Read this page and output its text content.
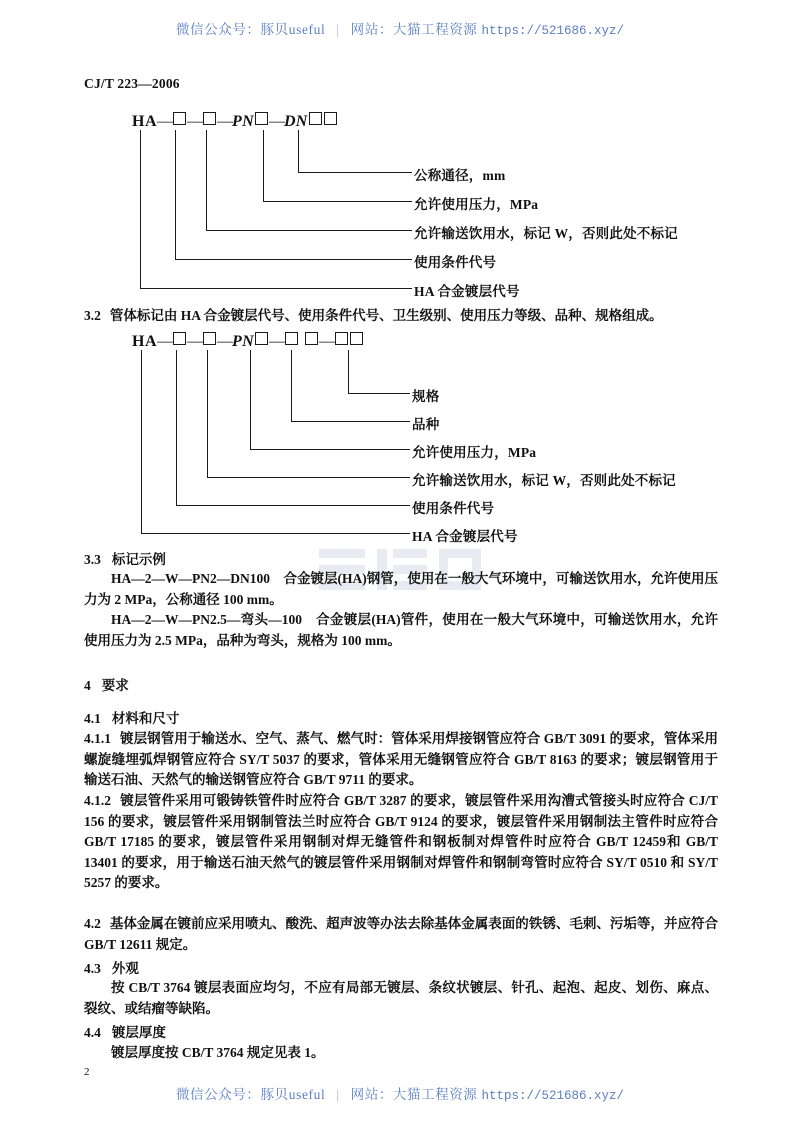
微信公众号：豚贝useful | 网站：大猫工程资源 https://521686.xyz/
CJ/T 223—2006
HA— — —PN —DN
HA 合金镀层代号
使用条件代号
允许输送饮用水，标记 W，否则此处不标记
允许使用压力，MPa
公称通径，mm
3.2 管体标记由 HA 合金镀层代号、使用条件代号、卫生级别、使用压力等级、品种、规格组成。
HA— — —PN — —
HA 合金镀层代号
使用条件代号
允许输送饮用水，标记 W，否则此处不标记
允许使用压力，MPa
品种
规格
3.3 标记示例
HA—2—W—PN2—DN100　合金镀层(HA)钢管，使用在一般大气环境中，可输送饮用水，允许使用压力为 2 MPa，公称通径 100 mm。
HA—2—W—PN2.5—弯头—100　合金镀层(HA)管件，使用在一般大气环境中，可输送饮用水，允许使用压力为 2.5 MPa，品种为弯头，规格为 100 mm。
4 要求
4.1 材料和尺寸
4.1.1 镀层钢管用于输送水、空气、蒸气、燃气时：管体采用焊接钢管应符合 GB/T 3091 的要求，管体采用螺旋缝埋弧焊钢管应符合 SY/T 5037 的要求，管体采用无缝钢管应符合 GB/T 8163 的要求；镀层钢管用于输送石油、天然气的输送钢管应符合 GB/T 9711 的要求。
4.1.2 镀层管件采用可锻铸铁管件时应符合 GB/T 3287 的要求，镀层管件采用沟漕式管接头时应符合 CJ/T 156 的要求，镀层管件采用钢制管法兰时应符合 GB/T 9124 的要求，镀层管件采用钢制法主管件时应符合 GB/T 17185 的要求，镀层管件采用钢制对焊无缝管件和钢板制对焊管件时应符合 GB/T 12459和 GB/T 13401 的要求，用于输送石油天然气的镀层管件采用钢制对焊管件和钢制弯管时应符合 SY/T 0510 和 SY/T 5257 的要求。
4.2 基体金属在镀前应采用喷丸、酸洗、超声波等办法去除基体金属表面的铁锈、毛刺、污垢等，并应符合 GB/T 12611 规定。
4.3 外观
按 CB/T 3764 镀层表面应均匀，不应有局部无镀层、条纹状镀层、针孔、起泡、起皮、划伤、麻点、裂纹、或结瘤等缺陷。
4.4 镀层厚度
镀层厚度按 CB/T 3764 规定见表 1。
2
微信公众号：豚贝useful | 网站：大猫工程资源 https://521686.xyz/
